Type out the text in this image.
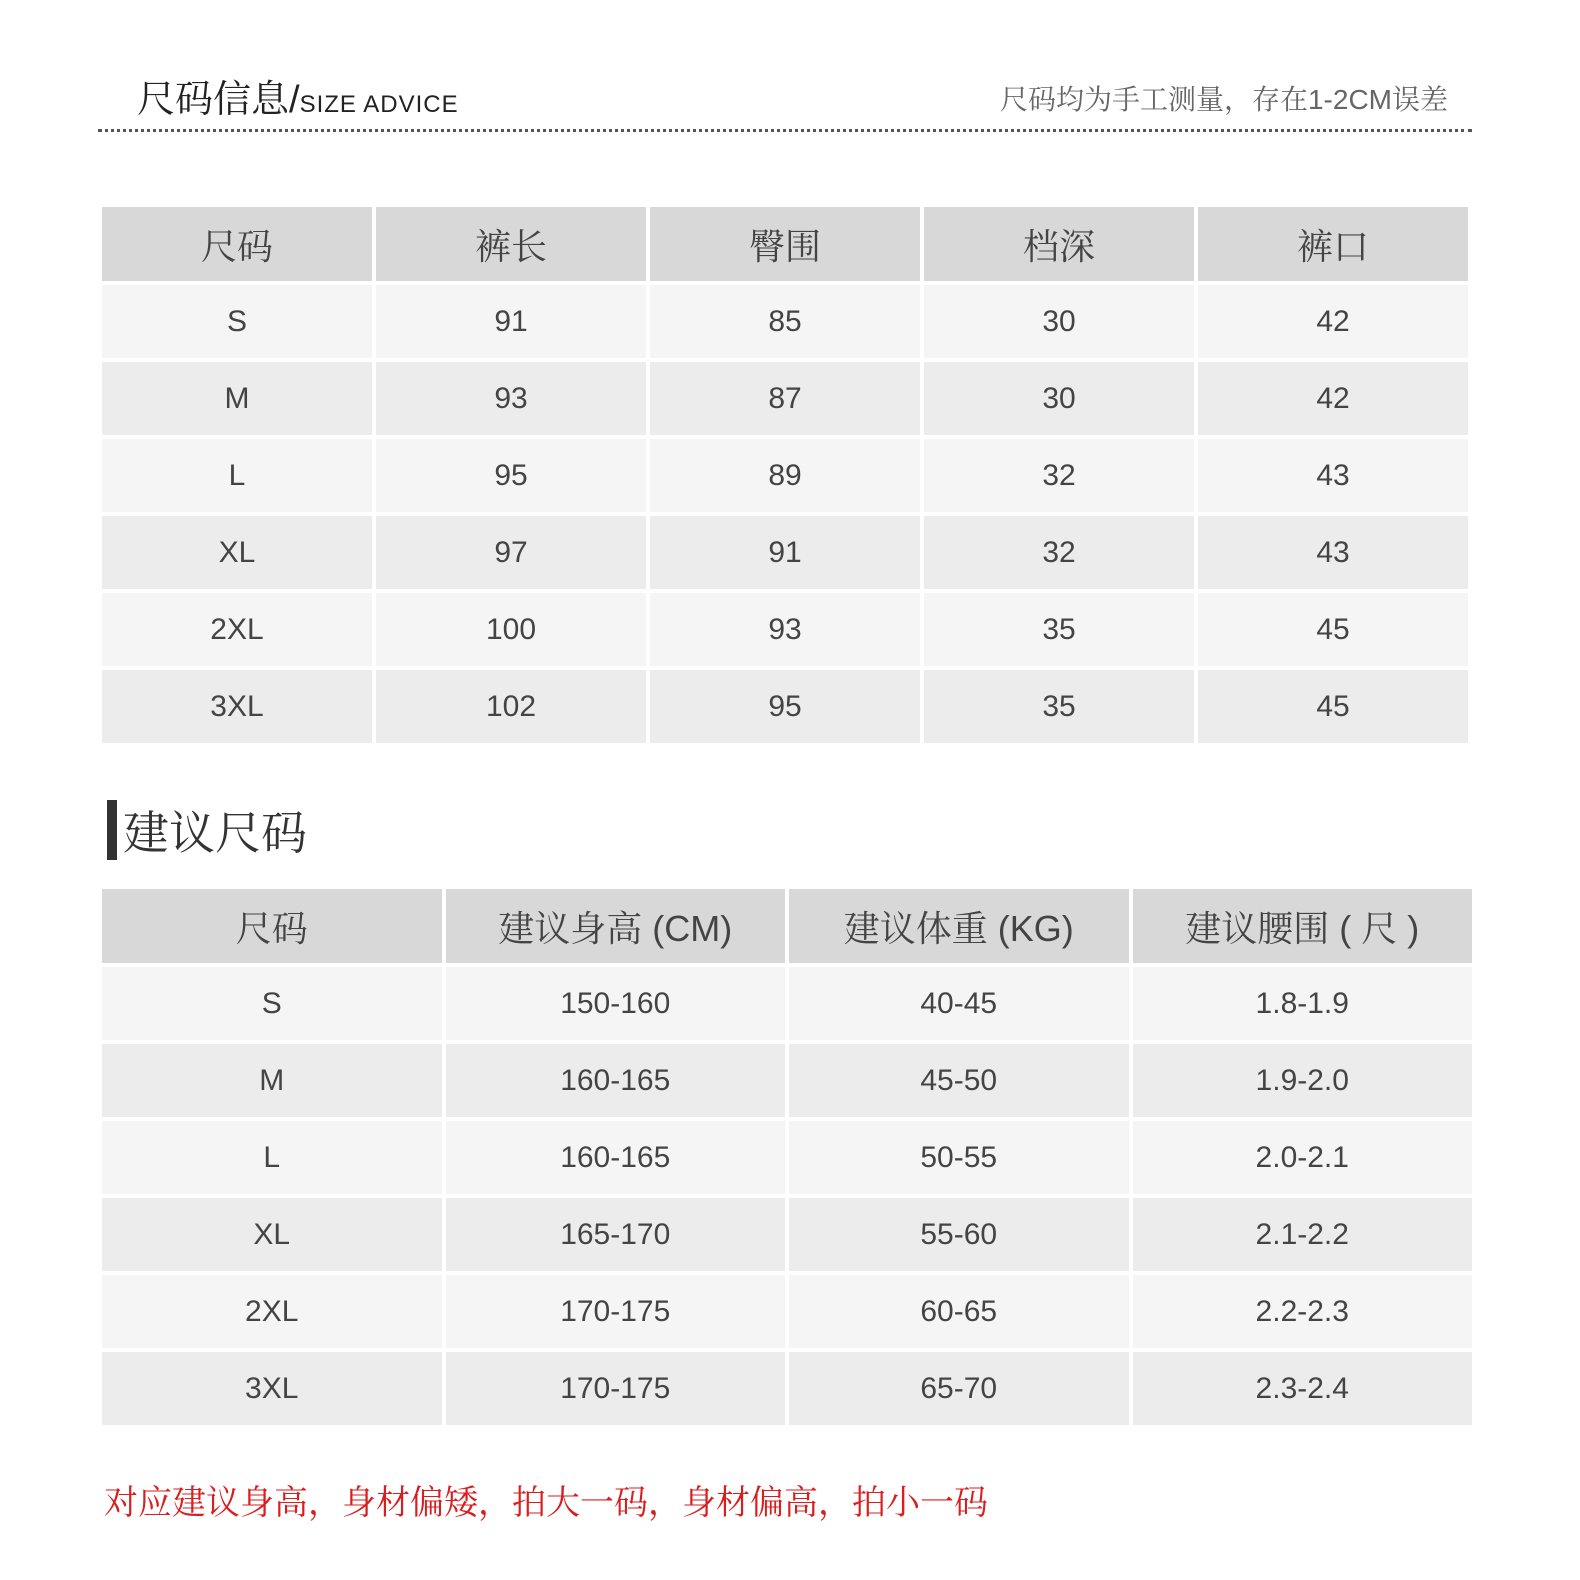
尺码信息/SIZE ADVICE	尺码均为手工测量，存在1-2CM误差
尺码	裤长	臀围	档深	裤口
S	91	85	30	42
M	93	87	30	42
L	95	89	32	43
XL	97	91	32	43
2XL	100	93	35	45
3XL	102	95	35	45
建议尺码
尺码	建议身高 (CM)	建议体重 (KG)	建议腰围 ( 尺 )
S	150-160	40-45	1.8-1.9
M	160-165	45-50	1.9-2.0
L	160-165	50-55	2.0-2.1
XL	165-170	55-60	2.1-2.2
2XL	170-175	60-65	2.2-2.3
3XL	170-175	65-70	2.3-2.4
对应建议身高，身材偏矮，拍大一码，身材偏高，拍小一码
